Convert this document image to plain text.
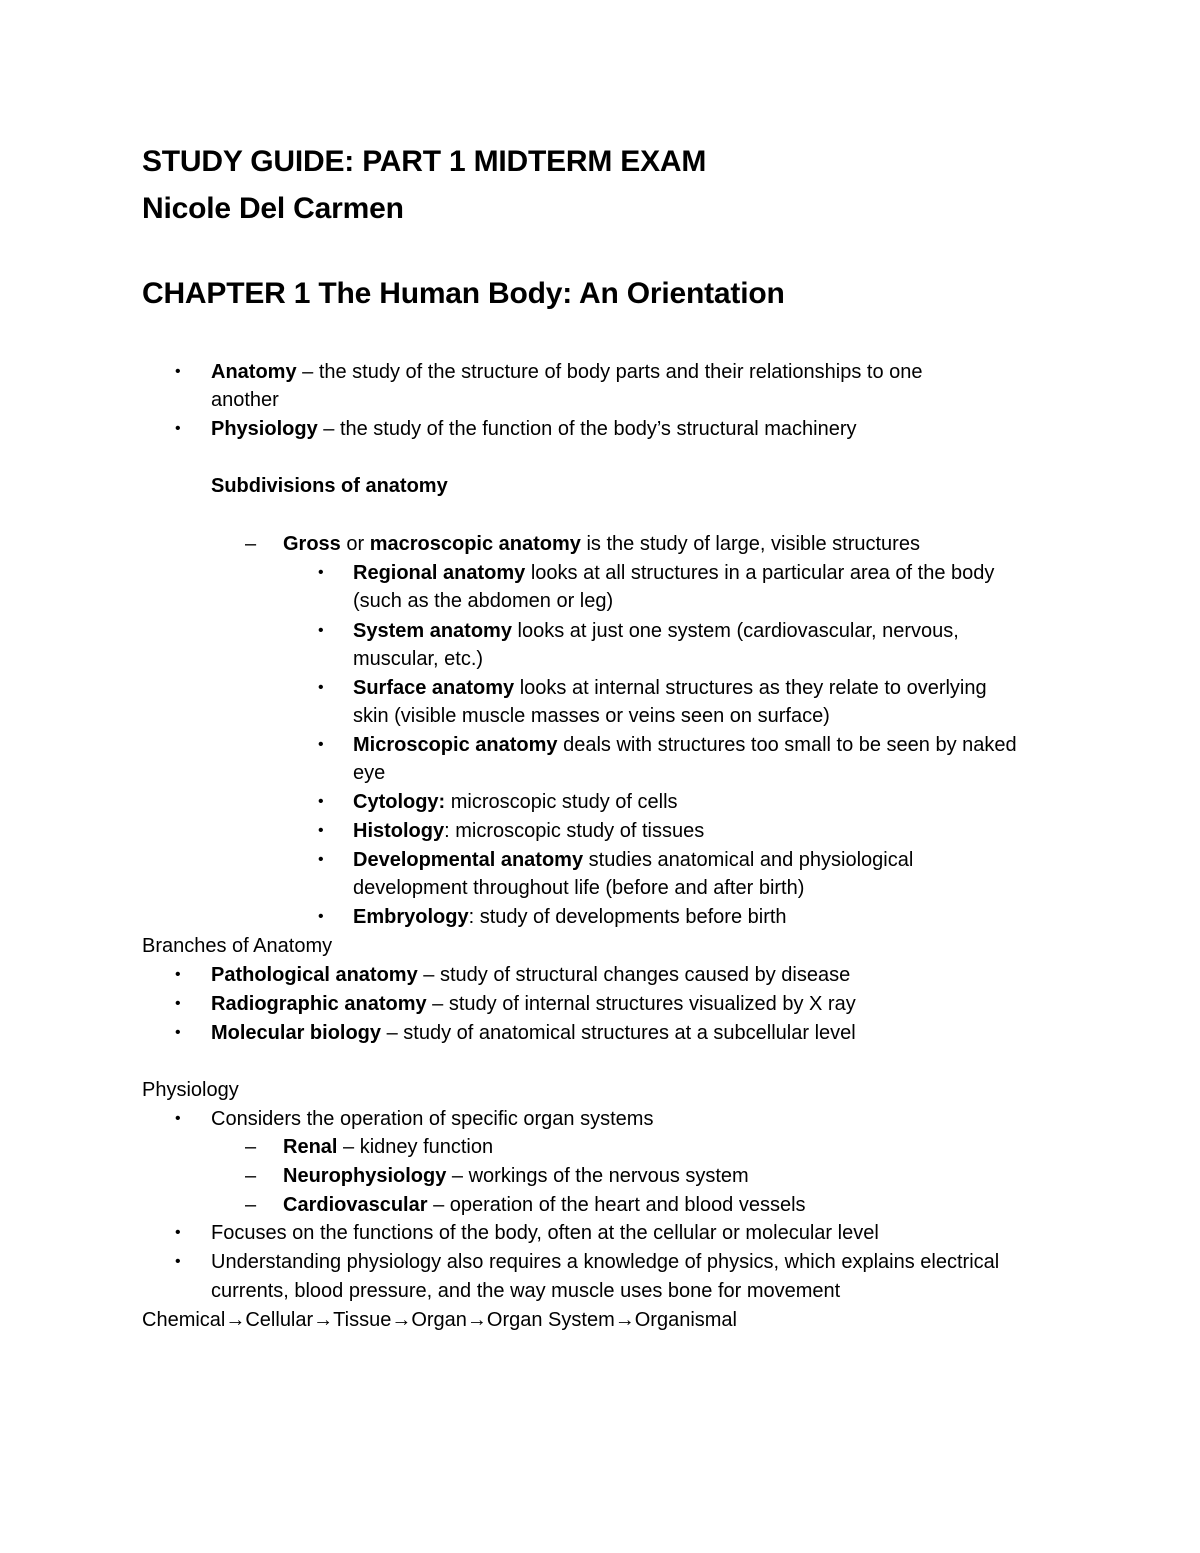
STUDY GUIDE: PART 1 MIDTERM EXAM
Nicole Del Carmen
CHAPTER 1 The Human Body: An Orientation
• Anatomy – the study of the structure of body parts and their relationships to one
another
• Physiology – the study of the function of the body’s structural machinery
Subdivisions of anatomy
– Gross or macroscopic anatomy is the study of large, visible structures
• Regional anatomy looks at all structures in a particular area of the body
(such as the abdomen or leg)
• System anatomy looks at just one system (cardiovascular, nervous,
muscular, etc.)
• Surface anatomy looks at internal structures as they relate to overlying
skin (visible muscle masses or veins seen on surface)
• Microscopic anatomy deals with structures too small to be seen by naked
eye
• Cytology: microscopic study of cells
• Histology: microscopic study of tissues
• Developmental anatomy studies anatomical and physiological
development throughout life (before and after birth)
• Embryology: study of developments before birth
Branches of Anatomy
• Pathological anatomy – study of structural changes caused by disease
• Radiographic anatomy – study of internal structures visualized by X ray
• Molecular biology – study of anatomical structures at a subcellular level
Physiology
• Considers the operation of specific organ systems
– Renal – kidney function
– Neurophysiology – workings of the nervous system
– Cardiovascular – operation of the heart and blood vessels
• Focuses on the functions of the body, often at the cellular or molecular level
• Understanding physiology also requires a knowledge of physics, which explains electrical
currents, blood pressure, and the way muscle uses bone for movement
Chemical→Cellular→Tissue→Organ→Organ System→Organismal
